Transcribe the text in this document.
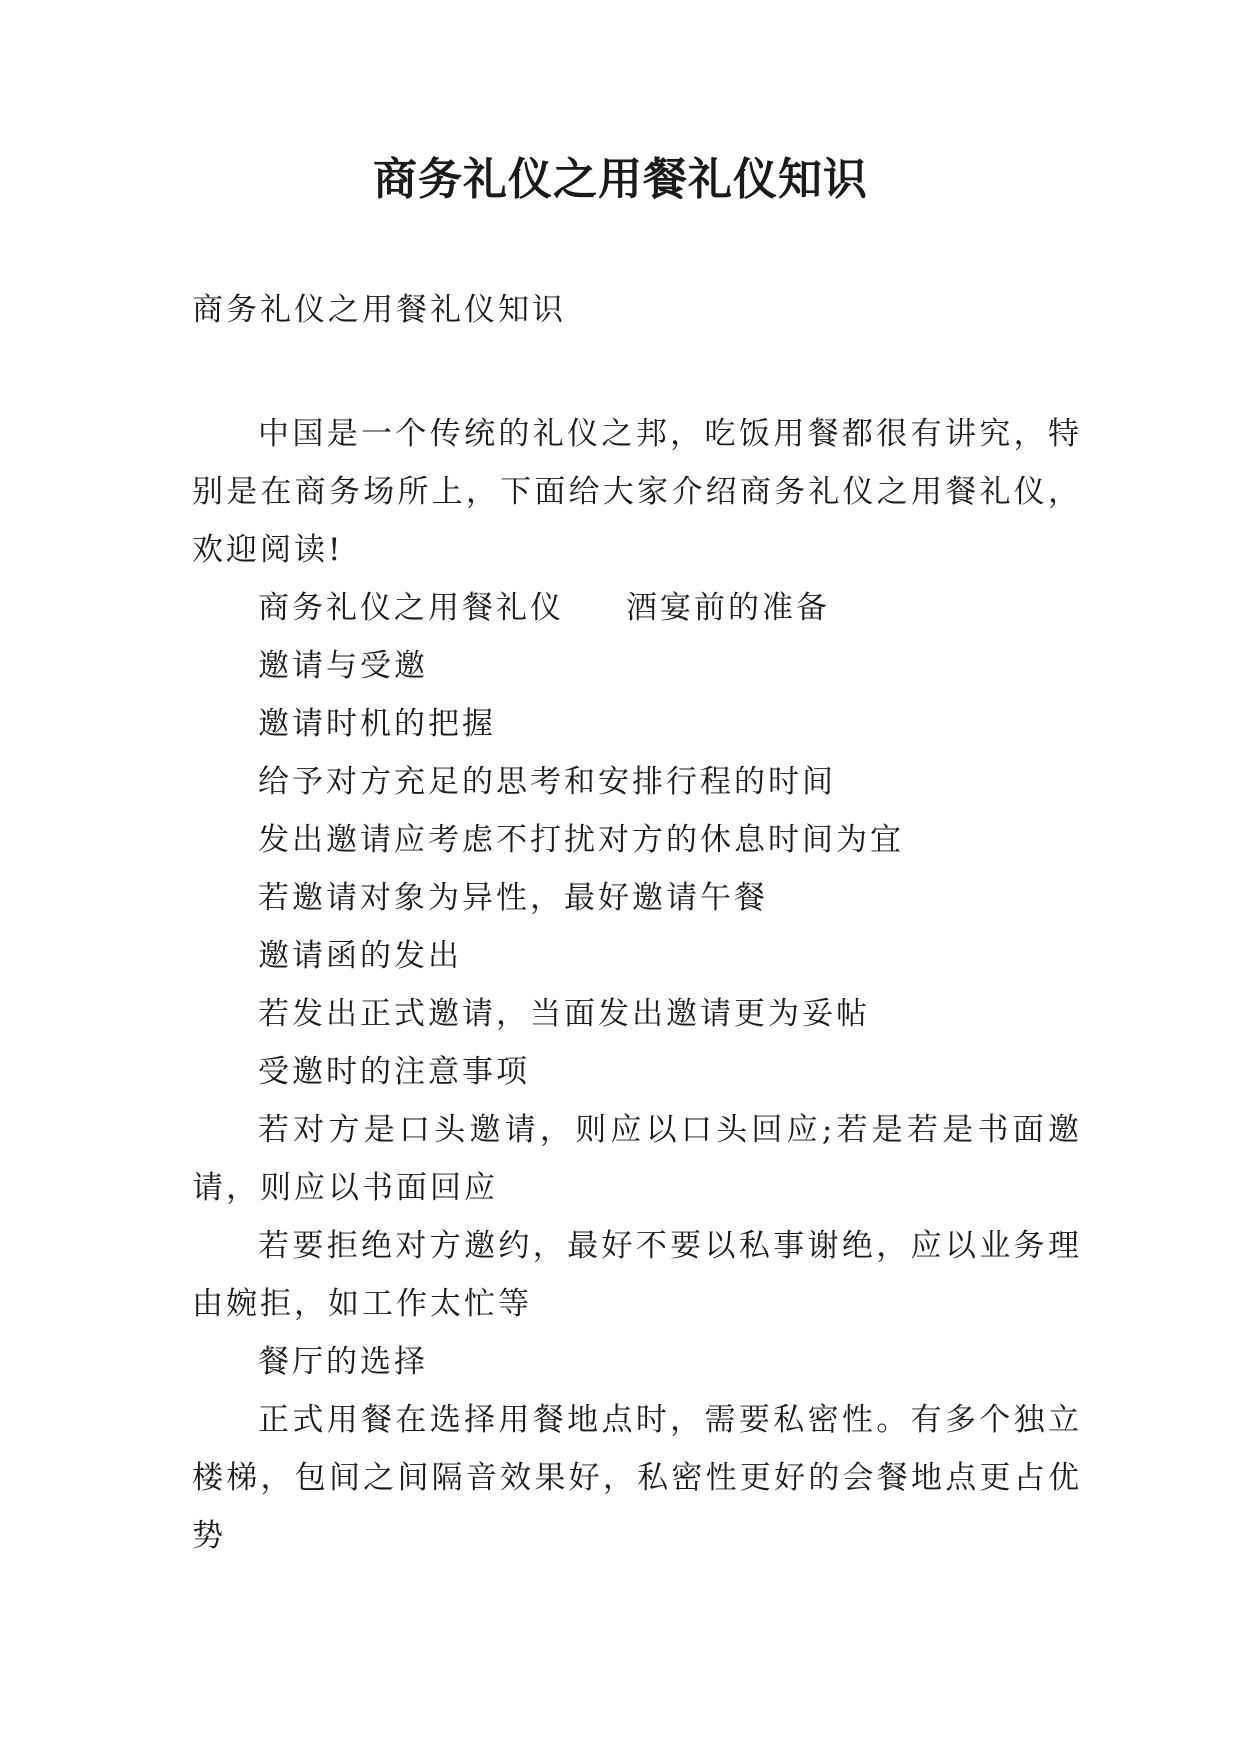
商务礼仪之用餐礼仪知识

商务礼仪之用餐礼仪知识

中国是一个传统的礼仪之邦，吃饭用餐都很有讲究，特别是在商务场所上，下面给大家介绍商务礼仪之用餐礼仪，欢迎阅读!

商务礼仪之用餐礼仪 酒宴前的准备

邀请与受邀

邀请时机的把握

给予对方充足的思考和安排行程的时间

发出邀请应考虑不打扰对方的休息时间为宜

若邀请对象为异性，最好邀请午餐

邀请函的发出

若发出正式邀请，当面发出邀请更为妥帖

受邀时的注意事项

若对方是口头邀请，则应以口头回应;若是若是书面邀请，则应以书面回应

若要拒绝对方邀约，最好不要以私事谢绝，应以业务理由婉拒，如工作太忙等

餐厅的选择

正式用餐在选择用餐地点时，需要私密性。有多个独立楼梯，包间之间隔音效果好，私密性更好的会餐地点更占优势
